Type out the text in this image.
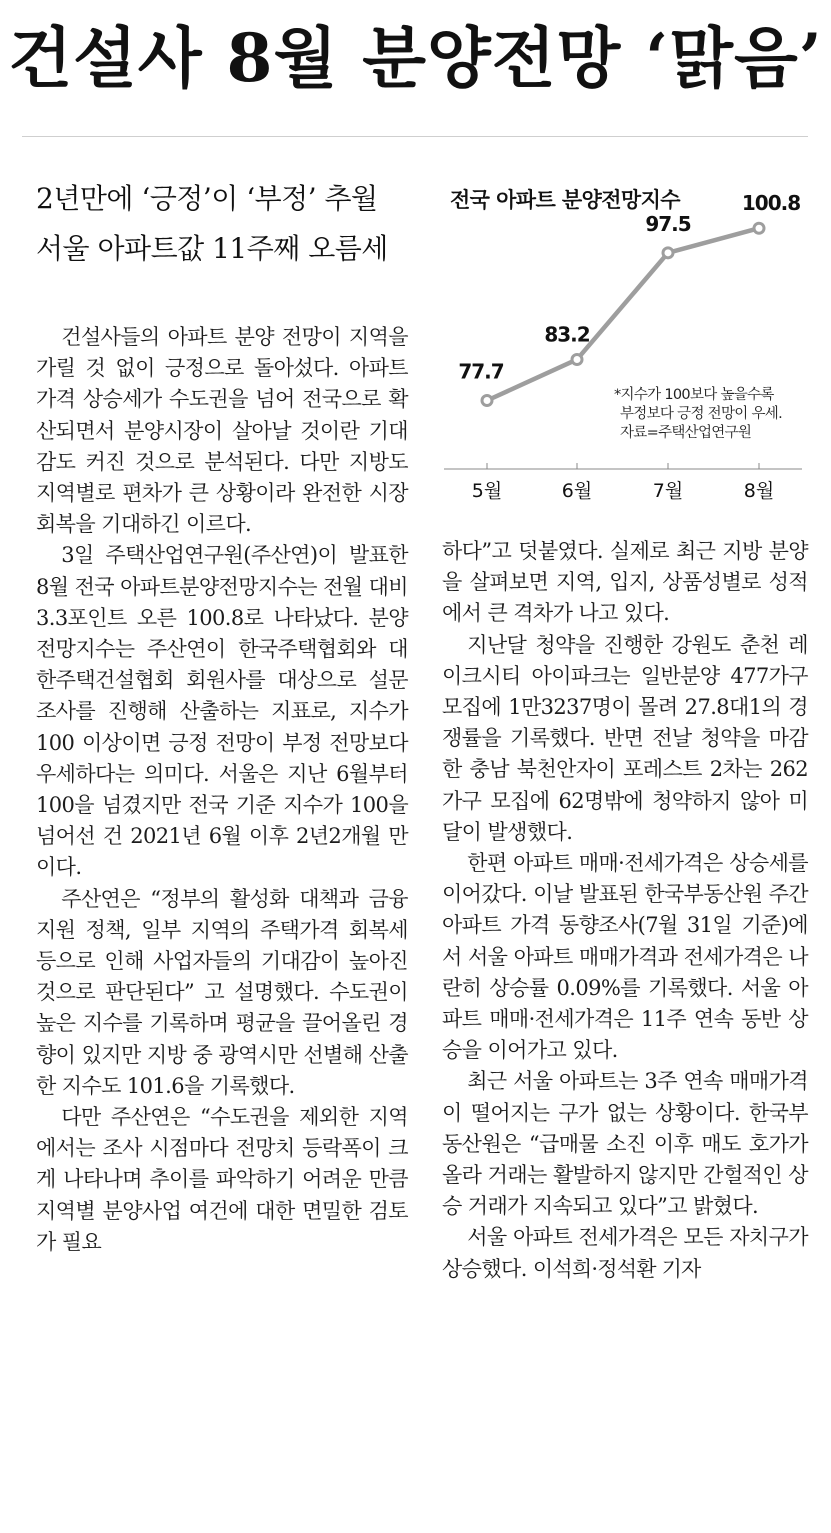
건설사 8월 분양전망 ‘맑음’
2년만에 ‘긍정’이 ‘부정’ 추월
서울 아파트값 11주째 오름세

건설사들의 아파트 분양 전망이 지역을 가릴 것 없이 긍정으로 돌아섰다. 아파트 가격 상승세가 수도권을 넘어 전국으로 확산되면서 분양시장이 살아날 것이란 기대감도 커진 것으로 분석된다. 다만 지방도 지역별로 편차가 큰 상황이라 완전한 시장 회복을 기대하긴 이르다.

3일 주택산업연구원(주산연)이 발표한 8월 전국 아파트분양전망지수는 전월 대비 3.3포인트 오른 100.8로 나타났다. 분양전망지수는 주산연이 한국주택협회와 대한주택건설협회 회원사를 대상으로 설문조사를 진행해 산출하는 지표로, 지수가 100 이상이면 긍정 전망이 부정 전망보다 우세하다는 의미다. 서울은 지난 6월부터 100을 넘겼지만 전국 기준 지수가 100을 넘어선 건 2021년 6월 이후 2년2개월 만이다.

주산연은 “정부의 활성화 대책과 금융지원 정책, 일부 지역의 주택가격 회복세 등으로 인해 사업자들의 기대감이 높아진 것으로 판단된다” 고 설명했다. 수도권이 높은 지수를 기록하며 평균을 끌어올린 경향이 있지만 지방 중 광역시만 선별해 산출한 지수도 101.6을 기록했다.

다만 주산연은 “수도권을 제외한 지역에서는 조사 시점마다 전망치 등락폭이 크게 나타나며 추이를 파악하기 어려운 만큼 지역별 분양사업 여건에 대한 면밀한 검토가 필요

전국 아파트 분양전망지수
5월	6월	7월	8월
77.7
83.2
97.5
100.8
*지수가 100보다 높을수록
부정보다 긍정 전망이 우세.
자료=주택산업연구원

하다”고 덧붙였다. 실제로 최근 지방 분양을 살펴보면 지역, 입지, 상품성별로 성적에서 큰 격차가 나고 있다.

지난달 청약을 진행한 강원도 춘천 레이크시티 아이파크는 일반분양 477가구 모집에 1만3237명이 몰려 27.8대1의 경쟁률을 기록했다. 반면 전날 청약을 마감한 충남 북천안자이 포레스트 2차는 262가구 모집에 62명밖에 청약하지 않아 미달이 발생했다.

한편 아파트 매매·전세가격은 상승세를 이어갔다. 이날 발표된 한국부동산원 주간 아파트 가격 동향조사(7월 31일 기준)에서 서울 아파트 매매가격과 전세가격은 나란히 상승률 0.09%를 기록했다. 서울 아파트 매매·전세가격은 11주 연속 동반 상승을 이어가고 있다.

최근 서울 아파트는 3주 연속 매매가격이 떨어지는 구가 없는 상황이다. 한국부동산원은 “급매물 소진 이후 매도 호가가 올라 거래는 활발하지 않지만 간헐적인 상승 거래가 지속되고 있다”고 밝혔다.

서울 아파트 전세가격은 모든 자치구가 상승했다. 이석희·정석환 기자
